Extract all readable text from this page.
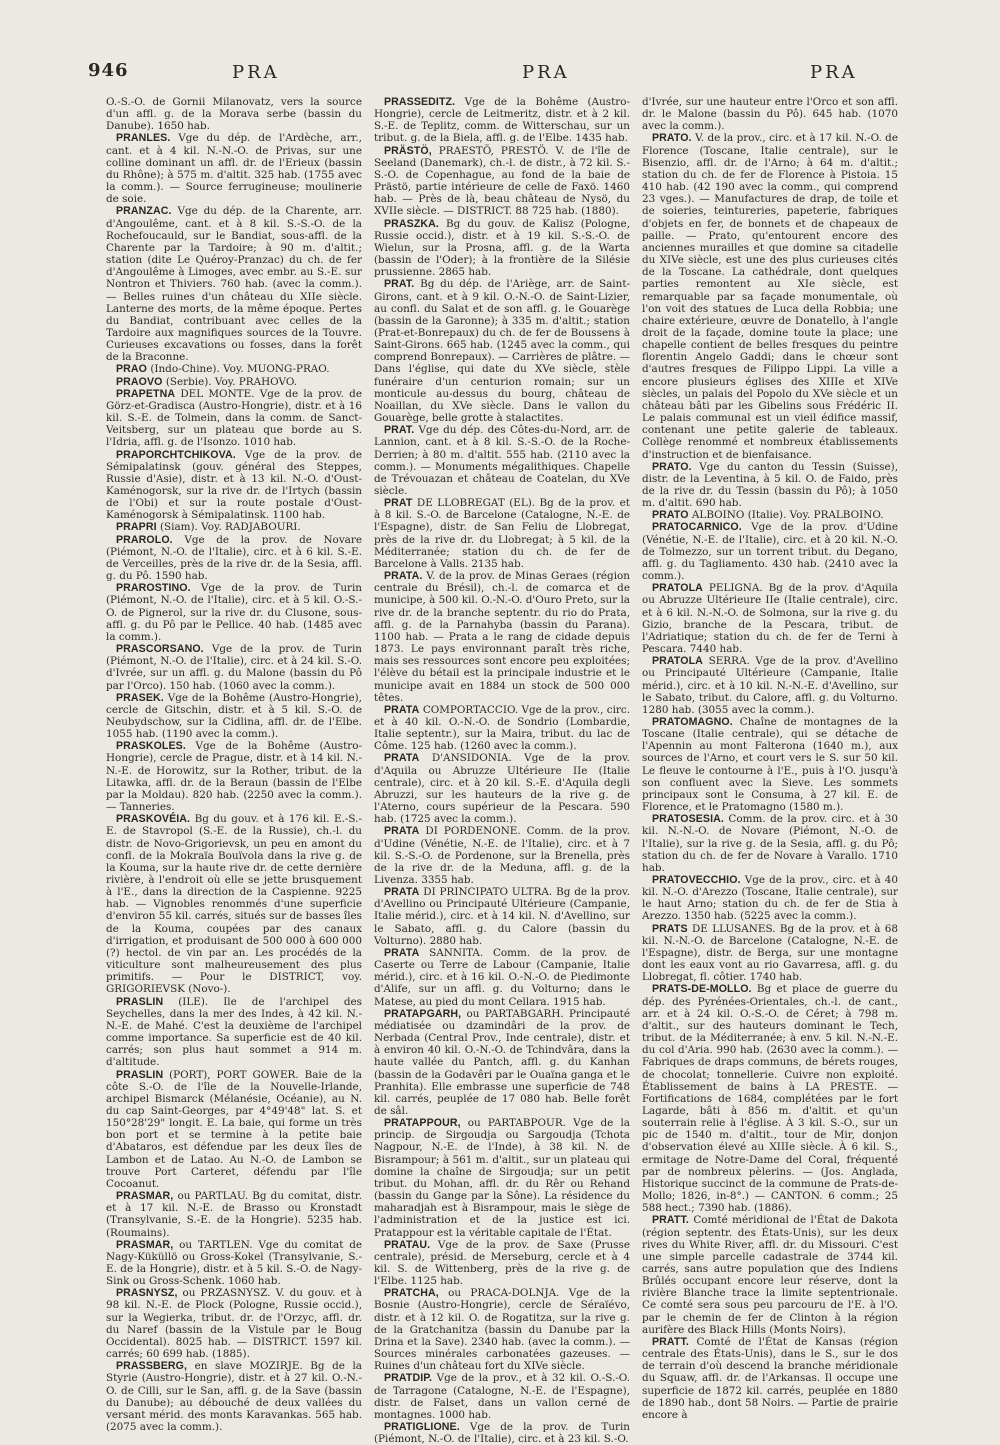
946	PRA	PRA	PRA

O.-S.-O. de Gornii Milanovatz, vers la source d'un affl. g. de la Morava serbe (bassin du Danube). 1650 hab.

PRANLES. Vge du dép. de l'Ardèche, arr., cant. et à 4 kil. N.-N.-O. de Privas, sur une colline dominant un affl. dr. de l'Erieux (bassin du Rhône); à 575 m. d'altit. 325 hab. (1755 avec la comm.). — Source ferrugineuse; moulinerie de soie.

PRANZAC. Vge du dép. de la Charente, arr. d'Angoulême, cant. et à 8 kil. S.-S.-O. de la Rochefoucauld, sur le Bandiat, sous-affl. de la Charente par la Tardoire; à 90 m. d'altit.; station (dite Le Quéroy-Pranzac) du ch. de fer d'Angoulême à Limoges, avec embr. au S.-E. sur Nontron et Thiviers. 760 hab. (avec la comm.). — Belles ruines d'un château du XIIe siècle. Lanterne des morts, de la même époque. Pertes du Bandiat, contribuant avec celles de la Tardoire aux magnifiques sources de la Touvre. Curieuses excavations ou fosses, dans la forêt de la Braconne.

PRAO (Indo-Chine). Voy. MUONG-PRAO.

PRAOVO (Serbie). Voy. PRAHOVO.

PRAPETNA DEL MONTE. Vge de la prov. de Görz-et-Gradisca (Austro-Hongrie), distr. et à 16 kil. S.-E. de Tolmein, dans la comm. de Sanct-Veitsberg, sur un plateau que borde au S. l'Idria, affl. g. de l'Isonzo. 1010 hab.

PRAPORCHTCHIKOVA. Vge de la prov. de Sémipalatinsk (gouv. général des Steppes, Russie d'Asie), distr. et à 13 kil. N.-O. d'Oust-Kaménogorsk, sur la rive dr. de l'Irtych (bassin de l'Obi) et sur la route postale d'Oust-Kaménogorsk à Sémipalatinsk. 1100 hab.

PRAPRI (Siam). Voy. RADJABOURI.

PRAROLO. Vge de la prov. de Novare (Piémont, N.-O. de l'Italie), circ. et à 6 kil. S.-E. de Verceilles, près de la rive dr. de la Sesia, affl. g. du Pô. 1590 hab.

PRAROSTINO. Vge de la prov. de Turin (Piémont, N.-O. de l'Italie), circ. et à 5 kil. O.-S.-O. de Pignerol, sur la rive dr. du Clusone, sous-affl. g. du Pô par le Pellice. 40 hab. (1485 avec la comm.).

PRASCORSANO. Vge de la prov. de Turin (Piémont, N.-O. de l'Italie), circ. et à 24 kil. S.-O. d'Ivrée, sur un affl. g. du Malone (bassin du Pô par l'Orco). 150 hab. (1060 avec la comm.).

PRASEK. Vge de la Bohême (Austro-Hongrie), cercle de Gitschin, distr. et à 5 kil. S.-O. de Neubydschow, sur la Cidlina, affl. dr. de l'Elbe. 1055 hab. (1190 avec la comm.).

PRASKOLES. Vge de la Bohême (Austro-Hongrie), cercle de Prague, distr. et à 14 kil. N.-N.-E. de Horowitz, sur la Rother, tribut. de la Litawka, affl. dr. de la Beraun (bassin de l'Elbe par la Moldau). 820 hab. (2250 avec la comm.). — Tanneries.

PRASKOVÉIA. Bg du gouv. et à 176 kil. E.-S.-E. de Stavropol (S.-E. de la Russie), ch.-l. du distr. de Novo-Grigorievsk, un peu en amont du confl. de la Mokraïa Bouïvola dans la rive g. de la Kouma, sur la haute rive dr. de cette dernière rivière, à l'endroit où elle se jette brusquement à l'E., dans la direction de la Caspienne. 9225 hab. — Vignobles renommés d'une superficie d'environ 55 kil. carrés, situés sur de basses îles de la Kouma, coupées par des canaux d'irrigation, et produisant de 500 000 à 600 000 (?) hectol. de vin par an. Les procédés de la viticulture sont malheureusement des plus primitifs. — Pour le DISTRICT, voy. GRIGORIEVSK (Novo-).

PRASLIN (ILE). Ile de l'archipel des Seychelles, dans la mer des Indes, à 42 kil. N.-N.-E. de Mahé. C'est la deuxième de l'archipel comme importance. Sa superficie est de 40 kil. carrés; son plus haut sommet a 914 m. d'altitude.

PRASLIN (PORT), PORT GOWER. Baie de la côte S.-O. de l'île de la Nouvelle-Irlande, archipel Bismarck (Mélanésie, Océanie), au N. du cap Saint-Georges, par 4°49'48" lat. S. et 150°28'29" longit. E. La baie, qui forme un très bon port et se termine à la petite baie d'Abataros, est défendue par les deux îles de Lambon et de Latao. Au N.-O. de Lambon se trouve Port Carteret, défendu par l'île Cocoanut.

PRASMAR, ou PARTLAU. Bg du comitat, distr. et à 17 kil. N.-E. de Brasso ou Kronstadt (Transylvanie, S.-E. de la Hongrie). 5235 hab. (Roumains).

PRASMAR, ou TARTLEN. Vge du comitat de Nagy-Küküllö ou Gross-Kokel (Transylvanie, S.-E. de la Hongrie), distr. et à 5 kil. S.-O. de Nagy-Sink ou Gross-Schenk. 1060 hab.

PRASNYSZ, ou PRZASNYSZ. V. du gouv. et à 98 kil. N.-E. de Plock (Pologne, Russie occid.), sur la Wegierka, tribut. dr. de l'Orzyc, affl. dr. du Naref (bassin de la Vistule par le Boug Occidental). 8025 hab. — DISTRICT. 1597 kil. carrés; 60 699 hab. (1885).

PRASSBERG, en slave MOZIRJE. Bg de la Styrie (Austro-Hongrie), distr. et à 27 kil. O.-N.-O. de Cilli, sur le San, affl. g. de la Save (bassin du Danube); au débouché de deux vallées du versant mérid. des monts Karavankas. 565 hab. (2075 avec la comm.).

PRASSEDITZ. Vge de la Bohême (Austro-Hongrie), cercle de Leitmeritz, distr. et à 2 kil. S.-E. de Teplitz, comm. de Witterschau, sur un tribut. g. de la Biela, affl. g. de l'Elbe. 1435 hab.

PRÄSTÖ, PRAESTÖ, PRESTÖ. V. de l'île de Seeland (Danemark), ch.-l. de distr., à 72 kil. S.-S.-O. de Copenhague, au fond de la baie de Prästö, partie intérieure de celle de Faxö. 1460 hab. — Près de là, beau château de Nysö, du XVIIe siècle. — DISTRICT. 88 725 hab. (1880).

PRASZKA. Bg du gouv. de Kalisz (Pologne, Russie occid.), distr. et à 19 kil. S.-S.-O. de Wielun, sur la Prosna, affl. g. de la Warta (bassin de l'Oder); à la frontière de la Silésie prussienne. 2865 hab.

PRAT. Bg du dép. de l'Ariège, arr. de Saint-Girons, cant. et à 9 kil. O.-N.-O. de Saint-Lizier, au confl. du Salat et de son affl. g. le Gouarège (bassin de la Garonne); à 335 m. d'altit.; station (Prat-et-Bonrepaux) du ch. de fer de Boussens à Saint-Girons. 665 hab. (1245 avec la comm., qui comprend Bonrepaux). — Carrières de plâtre. — Dans l'église, qui date du XVe siècle, stèle funéraire d'un centurion romain; sur un monticule au-dessus du bourg, château de Noaillan, du XVe siècle. Dans le vallon du Gouarège, belle grotte à stalactites.

PRAT. Vge du dép. des Côtes-du-Nord, arr. de Lannion, cant. et à 8 kil. S.-S.-O. de la Roche-Derrien; à 80 m. d'altit. 555 hab. (2110 avec la comm.). — Monuments mégalithiques. Chapelle de Trévouazan et château de Coatelan, du XVe siècle.

PRAT DE LLOBREGAT (EL). Bg de la prov. et à 8 kil. S.-O. de Barcelone (Catalogne, N.-E. de l'Espagne), distr. de San Feliu de Llobregat, près de la rive dr. du Llobregat; à 5 kil. de la Méditerranée; station du ch. de fer de Barcelone à Valls. 2135 hab.

PRATA. V. de la prov. de Minas Geraes (région centrale du Brésil), ch.-l. de comarca et de municipe, à 500 kil. O.-N.-O. d'Ouro Preto, sur la rive dr. de la branche septentr. du rio do Prata, affl. g. de la Parnahyba (bassin du Parana). 1100 hab. — Prata a le rang de cidade depuis 1873. Le pays environnant paraît très riche, mais ses ressources sont encore peu exploitées; l'élève du bétail est la principale industrie et le municipe avait en 1884 un stock de 500 000 têtes.

PRATA COMPORTACCIO. Vge de la prov., circ. et à 40 kil. O.-N.-O. de Sondrio (Lombardie, Italie septentr.), sur la Maira, tribut. du lac de Côme. 125 hab. (1260 avec la comm.).

PRATA D'ANSIDONIA. Vge de la prov. d'Aquila ou Abruzze Ultérieure IIe (Italie centrale), circ. et à 20 kil. S.-E. d'Aquila degli Abruzzi, sur les hauteurs de la rive g. de l'Aterno, cours supérieur de la Pescara. 590 hab. (1725 avec la comm.).

PRATA DI PORDENONE. Comm. de la prov. d'Udine (Vénétie, N.-E. de l'Italie), circ. et à 7 kil. S.-S.-O. de Pordenone, sur la Brenella, près de la rive dr. de la Meduna, affl. g. de la Livenza. 3355 hab.

PRATA DI PRINCIPATO ULTRA. Bg de la prov. d'Avellino ou Principauté Ultérieure (Campanie, Italie mérid.), circ. et à 14 kil. N. d'Avellino, sur le Sabato, affl. g. du Calore (bassin du Volturno). 2880 hab.

PRATA SANNITA. Comm. de la prov. de Caserte ou Terre de Labour (Campanie, Italie mérid.), circ. et à 16 kil. O.-N.-O. de Piedimonte d'Alife, sur un affl. g. du Volturno; dans le Matese, au pied du mont Cellara. 1915 hab.

PRATAPGARH, ou PARTABGARH. Principauté médiatisée ou dzamindâri de la prov. de Nerbada (Central Prov., Inde centrale), distr. et à environ 40 kil. O.-N.-O. de Tchindvâra, dans la haute vallée du Pantch, affl. g. du Kanhan (bassin de la Godavêri par le Ouaïna ganga et le Pranhita). Elle embrasse une superficie de 748 kil. carrés, peuplée de 17 080 hab. Belle forêt de sâl.

PRATAPPOUR, ou PARTABPOUR. Vge de la princip. de Sirgoudja ou Sargoudja (Tchota Nagpour, N.-E. de l'Inde), à 38 kil. N. de Bisrampour; à 561 m. d'altit., sur un plateau qui domine la chaîne de Sirgoudja; sur un petit tribut. du Mohan, affl. dr. du Rêr ou Rehand (bassin du Gange par la Sône). La résidence du maharadjah est à Bisrampour, mais le siège de l'administration et de la justice est ici. Pratappour est la véritable capitale de l'État.

PRATAU. Vge de la prov. de Saxe (Prusse centrale), présid. de Merseburg, cercle et à 4 kil. S. de Wittenberg, près de la rive g. de l'Elbe. 1125 hab.

PRATCHA, ou PRACA-DOLNJA. Vge de la Bosnie (Austro-Hongrie), cercle de Séraïévo, distr. et à 12 kil. O. de Rogatitza, sur la rive g. de la Gratchanitza (bassin du Danube par la Drina et la Save). 2340 hab. (avec la comm.). — Sources minérales carbonatées gazeuses. — Ruines d'un château fort du XIVe siècle.

PRATDIP. Vge de la prov., et à 32 kil. O.-S.-O. de Tarragone (Catalogne, N.-E. de l'Espagne), distr. de Falset, dans un vallon cerné de montagnes. 1000 hab.

PRATIGLIONE. Vge de la prov. de Turin (Piémont, N.-O. de l'Italie), circ. et à 23 kil. S.-O.

d'Ivrée, sur une hauteur entre l'Orco et son affl. dr. le Malone (bassin du Pô). 645 hab. (1070 avec la comm.).

PRATO. V. de la prov., circ. et à 17 kil. N.-O. de Florence (Toscane, Italie centrale), sur le Bisenzio, affl. dr. de l'Arno; à 64 m. d'altit.; station du ch. de fer de Florence à Pistoia. 15 410 hab. (42 190 avec la comm., qui comprend 23 vges.). — Manufactures de drap, de toile et de soieries, teintureries, papeterie, fabriques d'objets en fer, de bonnets et de chapeaux de paille. — Prato, qu'entourent encore des anciennes murailles et que domine sa citadelle du XIVe siècle, est une des plus curieuses cités de la Toscane. La cathédrale, dont quelques parties remontent au XIe siècle, est remarquable par sa façade monumentale, où l'on voit des statues de Luca della Robbia; une chaire extérieure, œuvre de Donatello, à l'angle droit de la façade, domine toute la place; une chapelle contient de belles fresques du peintre florentin Angelo Gaddi; dans le chœur sont d'autres fresques de Filippo Lippi. La ville a encore plusieurs églises des XIIIe et XIVe siècles, un palais del Popolo du XVe siècle et un château bâti par les Gibelins sous Frédéric II. Le palais communal est un vieil édifice massif, contenant une petite galerie de tableaux. Collège renommé et nombreux établissements d'instruction et de bienfaisance.

PRATO. Vge du canton du Tessin (Suisse), distr. de la Leventina, à 5 kil. O. de Faido, près de la rive dr. du Tessin (bassin du Pô); à 1050 m. d'altit. 690 hab.

PRATO ALBOINO (Italie). Voy. PRALBOINO.

PRATOCARNICO. Vge de la prov. d'Udine (Vénétie, N.-E. de l'Italie), circ. et à 20 kil. N.-O. de Tolmezzo, sur un torrent tribut. du Degano, affl. g. du Tagliamento. 430 hab. (2410 avec la comm.).

PRATOLA PELIGNA. Bg de la prov. d'Aquila ou Abruzze Ultérieure IIe (Italie centrale), circ. et à 6 kil. N.-N.-O. de Solmona, sur la rive g. du Gizio, branche de la Pescara, tribut. de l'Adriatique; station du ch. de fer de Terni à Pescara. 7440 hab.

PRATOLA SERRA. Vge de la prov. d'Avellino ou Principauté Ultérieure (Campanie, Italie mérid.), circ. et à 10 kil. N.-N.-E. d'Avellino, sur le Sabato, tribut. du Calore, affl. g. du Volturno. 1280 hab. (3055 avec la comm.).

PRATOMAGNO. Chaîne de montagnes de la Toscane (Italie centrale), qui se détache de l'Apennin au mont Falterona (1640 m.), aux sources de l'Arno, et court vers le S. sur 50 kil. Le fleuve le contourne à l'E., puis à l'O. jusqu'à son confluent avec la Sieve. Les sommets principaux sont le Consuma, à 27 kil. E. de Florence, et le Pratomagno (1580 m.).

PRATOSESIA. Comm. de la prov. circ. et à 30 kil. N.-N.-O. de Novare (Piémont, N.-O. de l'Italie), sur la rive g. de la Sesia, affl. g. du Pô; station du ch. de fer de Novare à Varallo. 1710 hab.

PRATOVECCHIO. Vge de la prov., circ. et à 40 kil. N.-O. d'Arezzo (Toscane, Italie centrale), sur le haut Arno; station du ch. de fer de Stia à Arezzo. 1350 hab. (5225 avec la comm.).

PRATS DE LLUSANES. Bg de la prov. et à 68 kil. N.-N.-O. de Barcelone (Catalogne, N.-E. de l'Espagne), distr. de Berga, sur une montagne dont les eaux vont au rio Gavarresa, affl. g. du Llobregat, fl. côtier. 1740 hab.

PRATS-DE-MOLLO. Bg et place de guerre du dép. des Pyrénées-Orientales, ch.-l. de cant., arr. et à 24 kil. O.-S.-O. de Céret; à 798 m. d'altit., sur des hauteurs dominant le Tech, tribut. de la Méditerranée; à env. 5 kil. N.-N.-E. du col d'Aria. 990 hab. (2630 avec la comm.). — Fabriques de draps communs, de bérets rouges, de chocolat; tonnellerie. Cuivre non exploité. Établissement de bains à LA PRESTE. — Fortifications de 1684, complétées par le fort Lagarde, bâti à 856 m. d'altit. et qu'un souterrain relie à l'église. À 3 kil. S.-O., sur un pic de 1540 m. d'altit., tour de Mir, donjon d'observation élevé au XIIIe siècle. À 6 kil. S., ermitage de Notre-Dame del Coral, fréquenté par de nombreux pèlerins. — (Jos. Anglada, Historique succinct de la commune de Prats-de-Mollo; 1826, in-8°.) — CANTON. 6 comm.; 25 588 hect.; 7390 hab. (1886).

PRATT. Comté méridional de l'État de Dakota (région septentr. des États-Unis), sur les deux rives du White River, affl. dr. du Missouri. C'est une simple parcelle cadastrale de 3744 kil. carrés, sans autre population que des Indiens Brûlés occupant encore leur réserve, dont la rivière Blanche trace la limite septentrionale. Ce comté sera sous peu parcouru de l'E. à l'O. par le chemin de fer de Clinton à la région aurifère des Black Hills (Monts Noirs).

PRATT. Comté de l'État de Kansas (région centrale des États-Unis), dans le S., sur le dos de terrain d'où descend la branche méridionale du Squaw, affl. dr. de l'Arkansas. Il occupe une superficie de 1872 kil. carrés, peuplée en 1880 de 1890 hab., dont 58 Noirs. — Partie de prairie encore à
